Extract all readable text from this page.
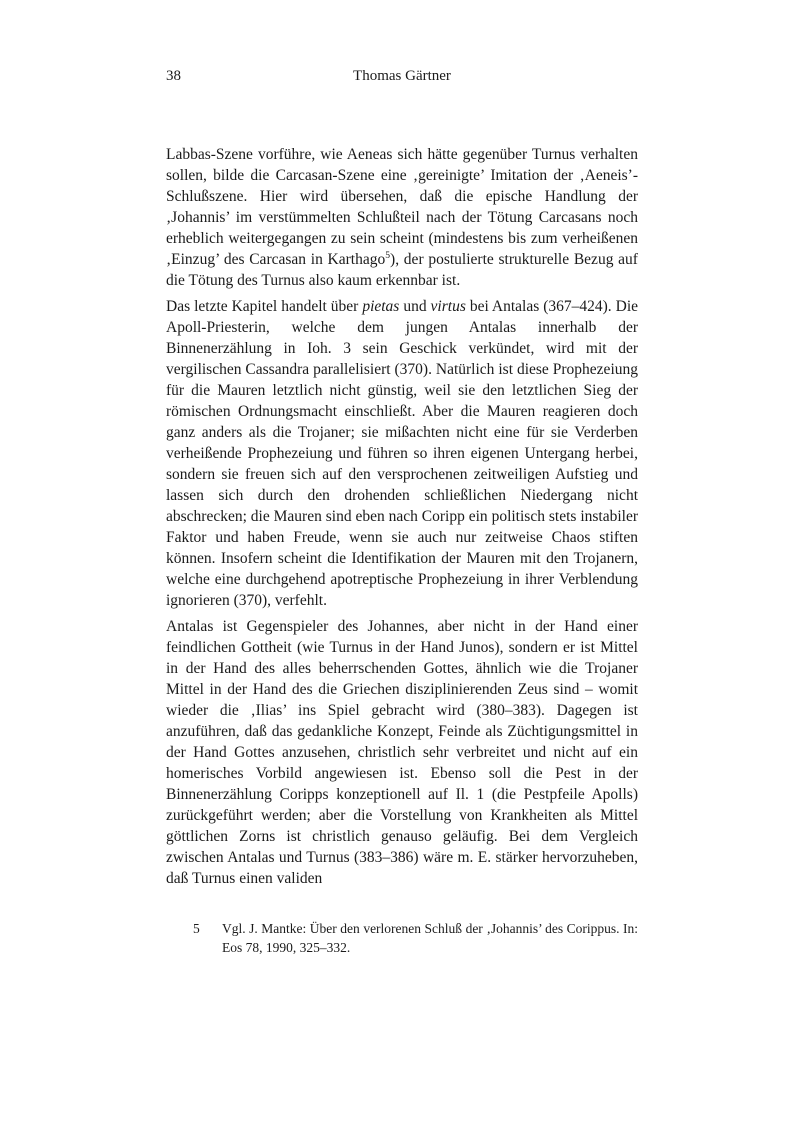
38	Thomas Gärtner

Labbas-Szene vorführe, wie Aeneas sich hätte gegenüber Turnus verhalten sollen, bilde die Carcasan-Szene eine ‚gereinigte’ Imitation der ‚Aeneis’-Schlußszene. Hier wird übersehen, daß die epische Handlung der ‚Johannis’ im verstümmelten Schlußteil nach der Tötung Carcasans noch erheblich weitergegangen zu sein scheint (mindestens bis zum verheißenen ‚Einzug’ des Carcasan in Karthago$^5$), der postulierte strukturelle Bezug auf die Tötung des Turnus also kaum erkennbar ist.

Das letzte Kapitel handelt über pietas und virtus bei Antalas (367–424). Die Apoll-Priesterin, welche dem jungen Antalas innerhalb der Binnenerzählung in Ioh. 3 sein Geschick verkündet, wird mit der vergilischen Cassandra parallelisiert (370). Natürlich ist diese Prophezeiung für die Mauren letztlich nicht günstig, weil sie den letztlichen Sieg der römischen Ordnungsmacht einschließt. Aber die Mauren reagieren doch ganz anders als die Trojaner; sie mißachten nicht eine für sie Verderben verheißende Prophezeiung und führen so ihren eigenen Untergang herbei, sondern sie freuen sich auf den versprochenen zeitweiligen Aufstieg und lassen sich durch den drohenden schließlichen Niedergang nicht abschrecken; die Mauren sind eben nach Coripp ein politisch stets instabiler Faktor und haben Freude, wenn sie auch nur zeitweise Chaos stiften können. Insofern scheint die Identifikation der Mauren mit den Trojanern, welche eine durchgehend apotreptische Prophezeiung in ihrer Verblendung ignorieren (370), verfehlt.

Antalas ist Gegenspieler des Johannes, aber nicht in der Hand einer feindlichen Gottheit (wie Turnus in der Hand Junos), sondern er ist Mittel in der Hand des alles beherrschenden Gottes, ähnlich wie die Trojaner Mittel in der Hand des die Griechen disziplinierenden Zeus sind – womit wieder die ‚Ilias’ ins Spiel gebracht wird (380–383). Dagegen ist anzuführen, daß das gedankliche Konzept, Feinde als Züchtigungsmittel in der Hand Gottes anzusehen, christlich sehr verbreitet und nicht auf ein homerisches Vorbild angewiesen ist. Ebenso soll die Pest in der Binnenerzählung Coripps konzeptionell auf Il. 1 (die Pestpfeile Apolls) zurückgeführt werden; aber die Vorstellung von Krankheiten als Mittel göttlichen Zorns ist christlich genauso geläufig. Bei dem Vergleich zwischen Antalas und Turnus (383–386) wäre m. E. stärker hervorzuheben, daß Turnus einen validen

5	Vgl. J. Mantke: Über den verlorenen Schluß der ‚Johannis’ des Corippus. In: Eos 78, 1990, 325–332.
